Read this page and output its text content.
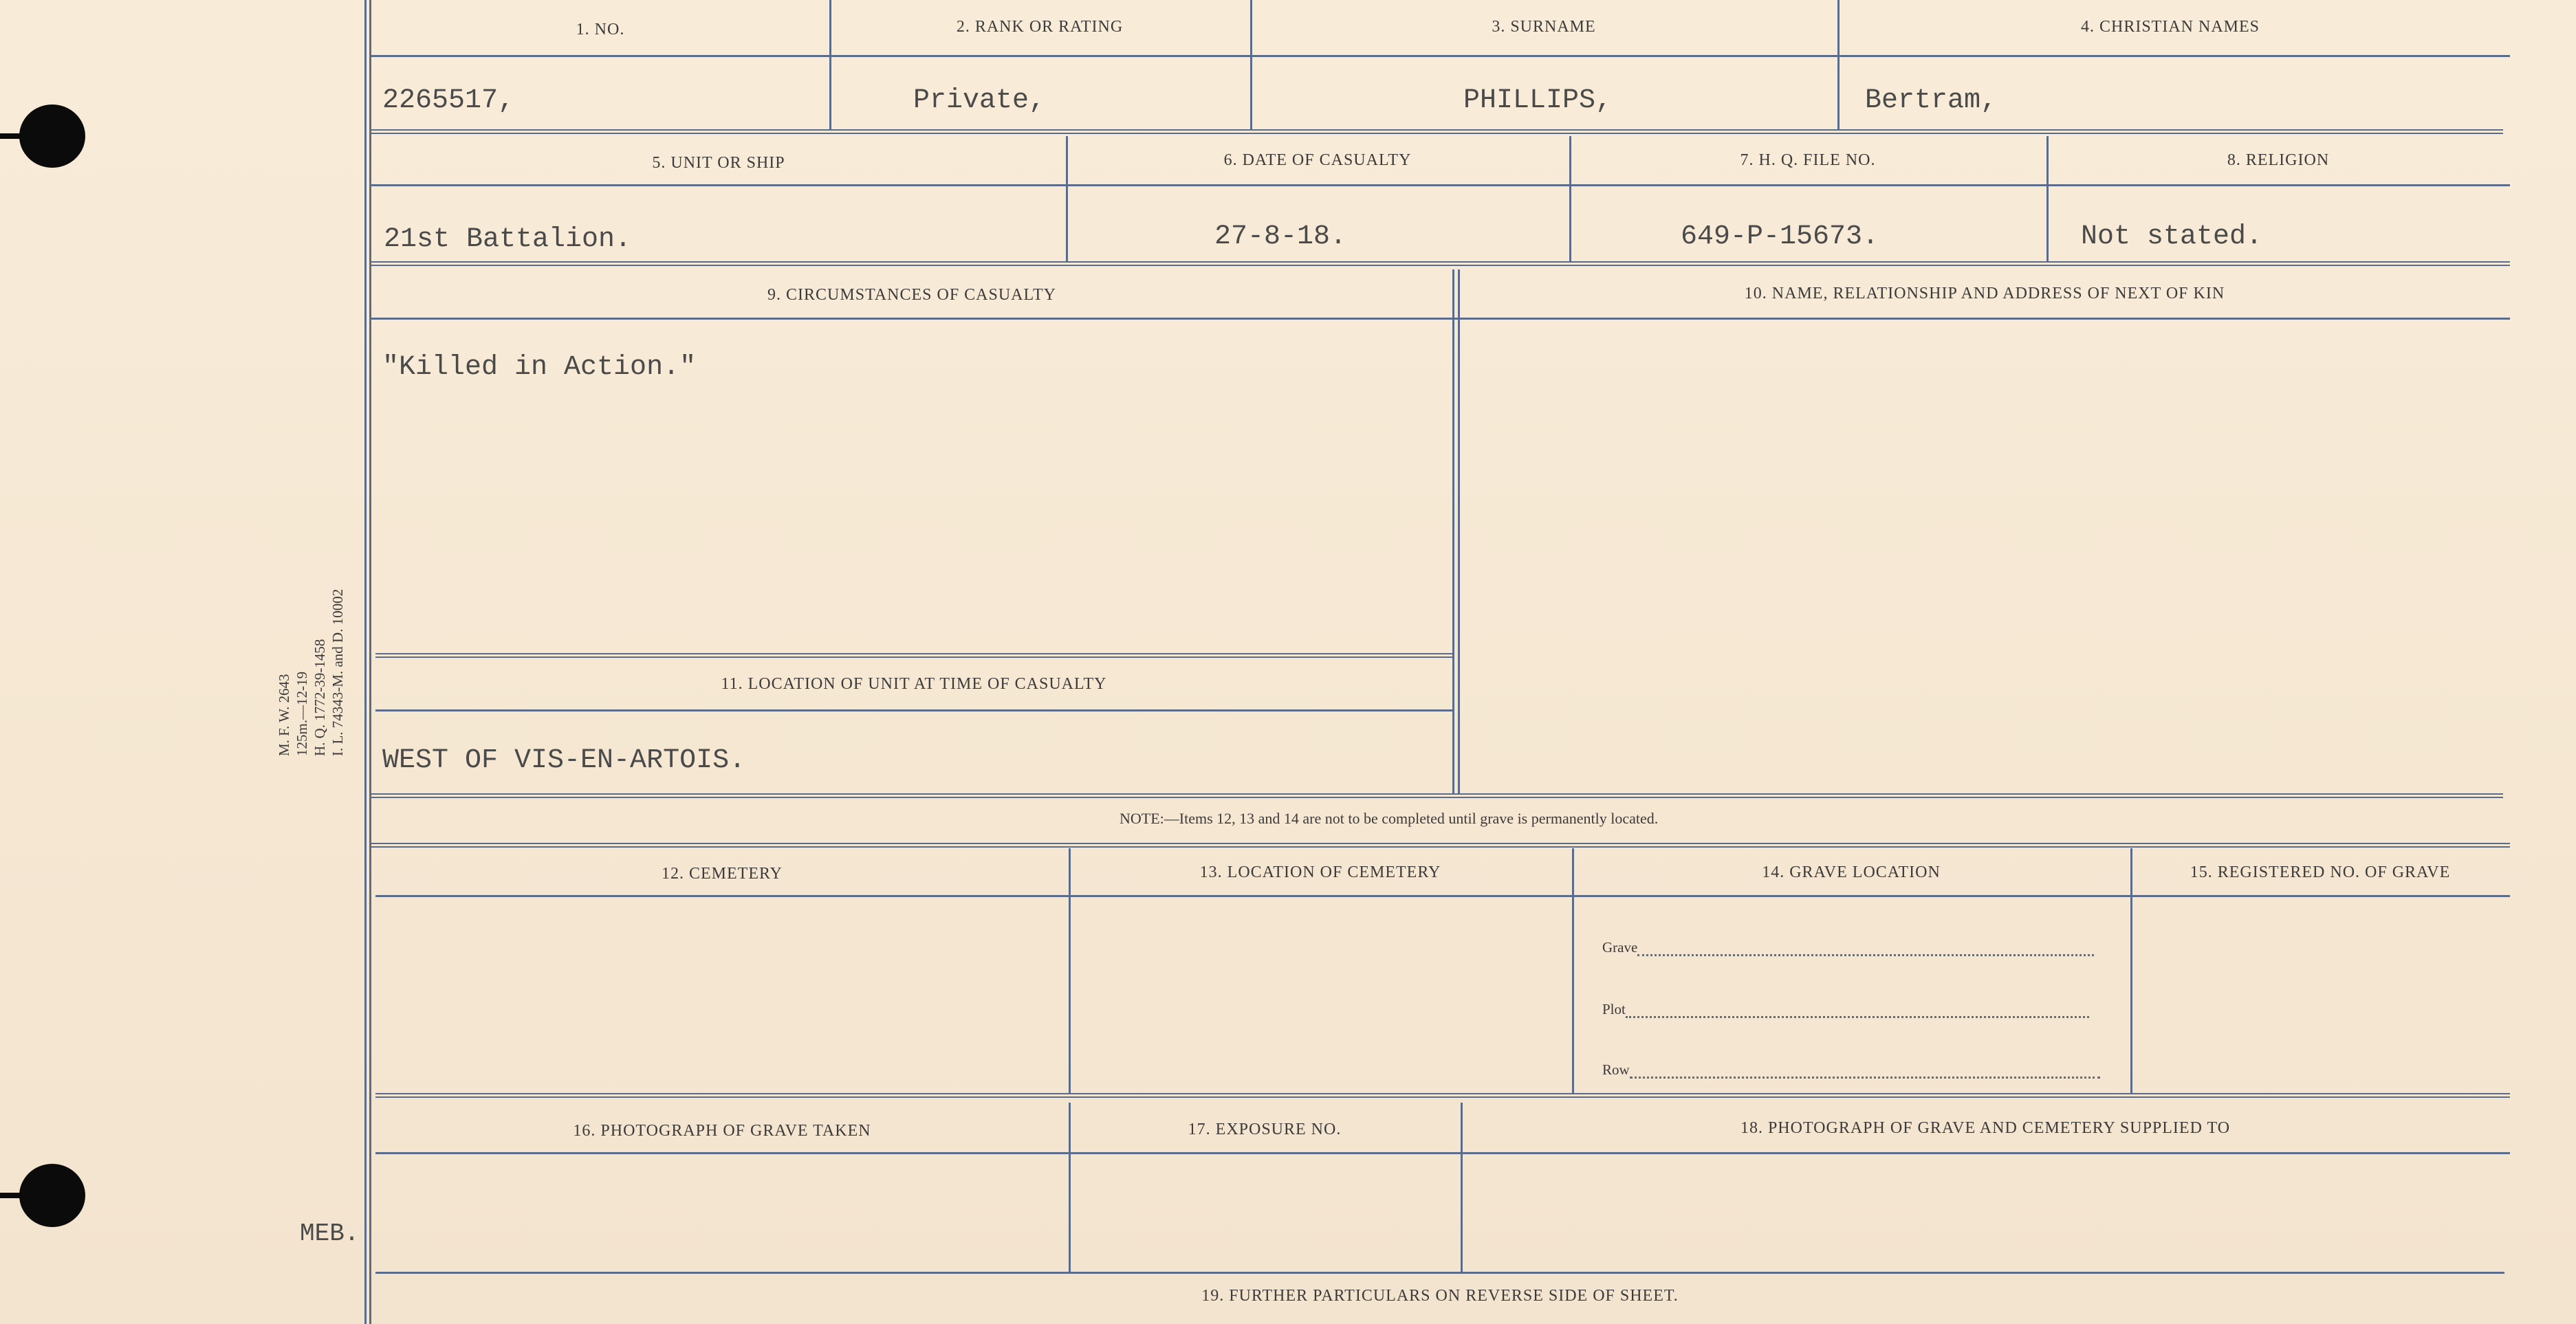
1. NO.	2. RANK OR RATING	3. SURNAME	4. CHRISTIAN NAMES
2265517,	Private,	PHILLIPS,	Bertram,
5. UNIT OR SHIP	6. DATE OF CASUALTY	7. H. Q. FILE NO.	8. RELIGION
21st Battalion.	27-8-18.	649-P-15673.	Not stated.
9. CIRCUMSTANCES OF CASUALTY	10. NAME, RELATIONSHIP AND ADDRESS OF NEXT OF KIN
"Killed in Action."
11. LOCATION OF UNIT AT TIME OF CASUALTY
WEST OF VIS-EN-ARTOIS.
NOTE:—Items 12, 13 and 14 are not to be completed until grave is permanently located.
12. CEMETERY	13. LOCATION OF CEMETERY	14. GRAVE LOCATION	15. REGISTERED NO. OF GRAVE
Grave
Plot
Row
16. PHOTOGRAPH OF GRAVE TAKEN	17. EXPOSURE NO.	18. PHOTOGRAPH OF GRAVE AND CEMETERY SUPPLIED TO
19. FURTHER PARTICULARS ON REVERSE SIDE OF SHEET.
M. F. W. 2643 125m.—12-19 H. Q. 1772-39-1458 I. L. 74343-M. and D. 10002
MEB.
